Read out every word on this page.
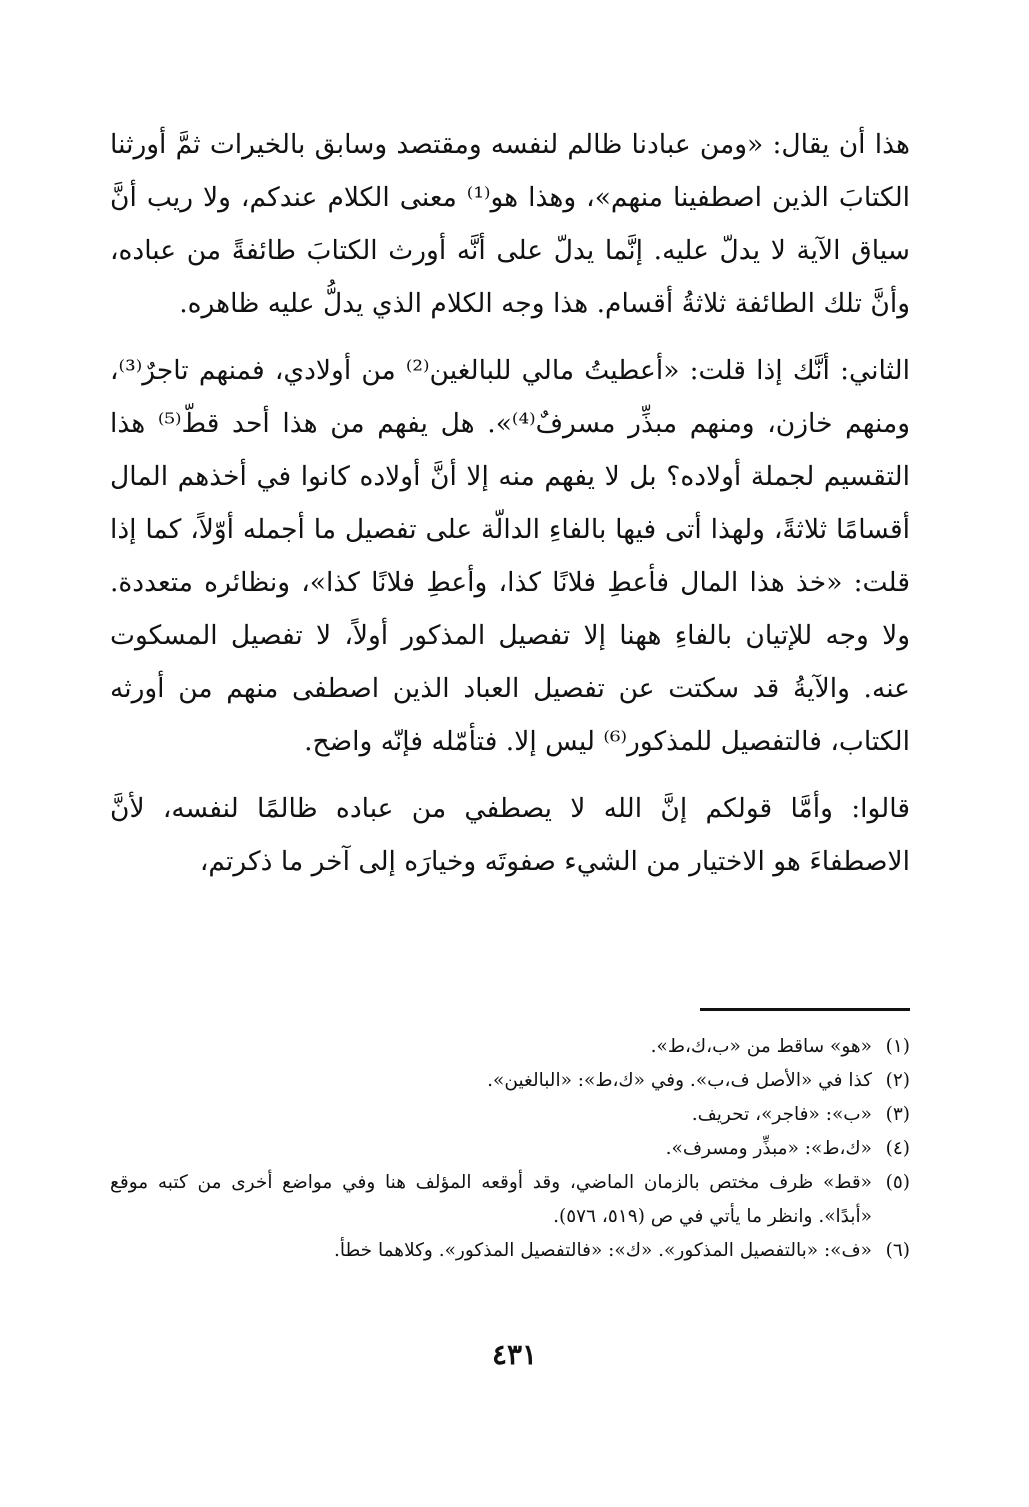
هذا أن يقال: «ومن عبادنا ظالم لنفسه ومقتصد وسابق بالخيرات ثمَّ أورثنا الكتابَ الذين اصطفينا منهم»، وهذا هو⁽¹⁾ معنى الكلام عندكم، ولا ريب أنَّ سياق الآية لا يدلّ عليه. إنَّما يدلّ على أنَّه أورث الكتابَ طائفةً من عباده، وأنَّ تلك الطائفة ثلاثةُ أقسام. هذا وجه الكلام الذي يدلُّ عليه ظاهره.

الثاني: أنَّك إذا قلت: «أعطيتُ مالي للبالغين⁽²⁾ من أولادي، فمنهم تاجرٌ⁽³⁾، ومنهم خازن، ومنهم مبذِّر مسرفٌ⁽⁴⁾». هل يفهم من هذا أحد قطّ⁽⁵⁾ هذا التقسيم لجملة أولاده؟ بل لا يفهم منه إلا أنَّ أولاده كانوا في أخذهم المال أقسامًا ثلاثةً، ولهذا أتى فيها بالفاءِ الدالّة على تفصيل ما أجمله أوّلاً، كما إذا قلت: «خذ هذا المال فأعطِ فلانًا كذا، وأعطِ فلانًا كذا»، ونظائره متعددة. ولا وجه للإتيان بالفاءِ ههنا إلا تفصيل المذكور أولاً، لا تفصيل المسكوت عنه. والآيةُ قد سكتت عن تفصيل العباد الذين اصطفى منهم من أورثه الكتاب، فالتفصيل للمذكور⁽⁶⁾ ليس إلا. فتأمّله فإنّه واضح.

قالوا: وأمَّا قولكم إنَّ الله لا يصطفي من عباده ظالمًا لنفسه، لأنَّ الاصطفاءَ هو الاختيار من الشيء صفوتَه وخيارَه إلى آخر ما ذكرتم،

(١)
«هو» ساقط من «ب،ك،ط».
(٢)
كذا في «الأصل ف،ب». وفي «ك،ط»: «البالغين».
(٣)
«ب»: «فاجر»، تحريف.
(٤)
«ك،ط»: «مبذِّر ومسرف».
(٥)
«قط» ظرف مختص بالزمان الماضي، وقد أوقعه المؤلف هنا وفي مواضع أخرى من كتبه موقع «أبدًا». وانظر ما يأتي في ص (٥١٩، ٥٧٦).
(٦)
«ف»: «بالتفصيل المذكور». «ك»: «فالتفصيل المذكور». وكلاهما خطأ.
٤٣١
